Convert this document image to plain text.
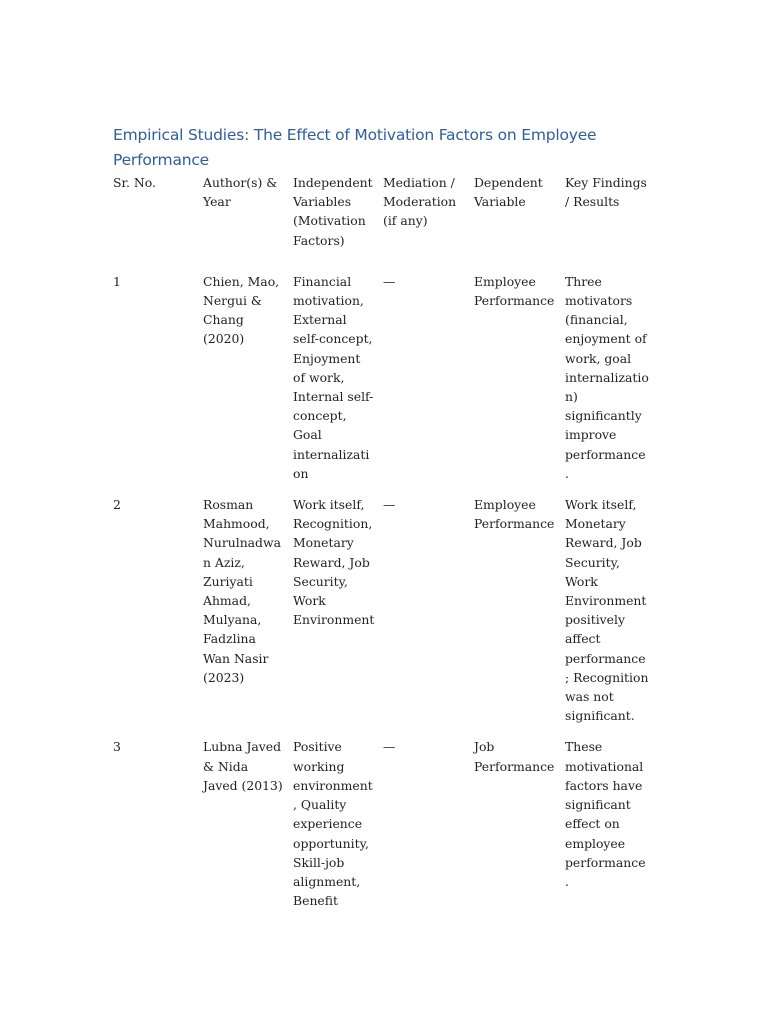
Empirical Studies: The Effect of Motivation Factors on Employee Performance
Sr. No.	Author(s) & Year	Independent Variables (Motivation Factors)	Mediation / Moderation (if any)	Dependent Variable	Key Findings / Results
1	Chien, Mao, Nergui & Chang (2020)	Financial motivation, External self-concept, Enjoyment of work, Internal self-concept, Goal internalization	—	Employee Performance	Three motivators (financial, enjoyment of work, goal internalization) significantly improve performance.
2	Rosman Mahmood, Nurulnadwan Aziz, Zuriyati Ahmad, Mulyana, Fadzlina Wan Nasir (2023)	Work itself, Recognition, Monetary Reward, Job Security, Work Environment	—	Employee Performance	Work itself, Monetary Reward, Job Security, Work Environment positively affect performance; Recognition was not significant.
3	Lubna Javed & Nida Javed (2013)	Positive working environment, Quality experience opportunity, Skill-job alignment, Benefit	—	Job Performance	These motivational factors have significant effect on employee performance.
